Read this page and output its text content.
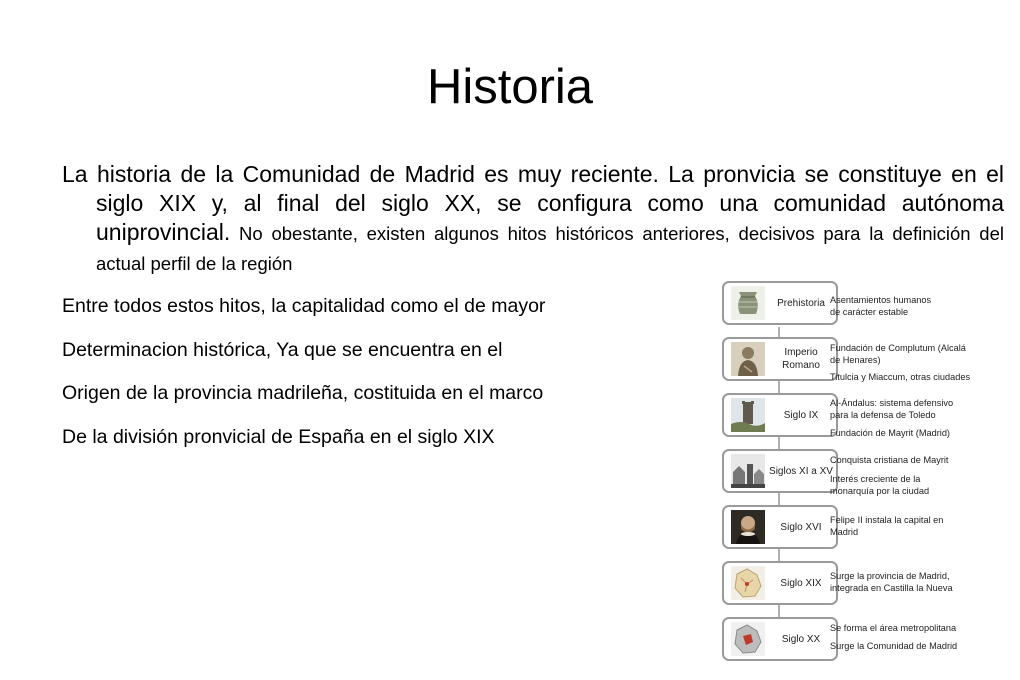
Historia

La historia de la Comunidad de Madrid es muy reciente. La pronvicia se constituye en el siglo XIX y, al final del siglo XX, se configura como una comunidad autónoma uniprovincial. No obestante, existen algunos hitos históricos anteriores, decisivos para la definición del actual perfil de la región

Entre todos estos hitos, la capitalidad como el de mayor
Determinacion histórica, Ya que se encuentra en el
Origen de la provincia madrileña, costituida en el marco
De la división pronvicial de España en el siglo XIX
Prehistoria
Imperio Romano
Siglo IX
Siglos XI a XV
Siglo XVI
Siglo XIX
Siglo XX
Asentamientos humanos
de carácter estable
Fundación de Complutum (Alcalá
de Henares)
Titulcia y Miaccum, otras ciudades
Al-Ándalus: sistema defensivo
para la defensa de Toledo
Fundación de Mayrit (Madrid)
Conquista cristiana de Mayrit
Interés creciente de la
monarquía por la ciudad
Felipe II instala la capital en
Madrid
Surge la provincia de Madrid,
integrada en Castilla la Nueva
Se forma el área metropolitana
Surge la Comunidad de Madrid
